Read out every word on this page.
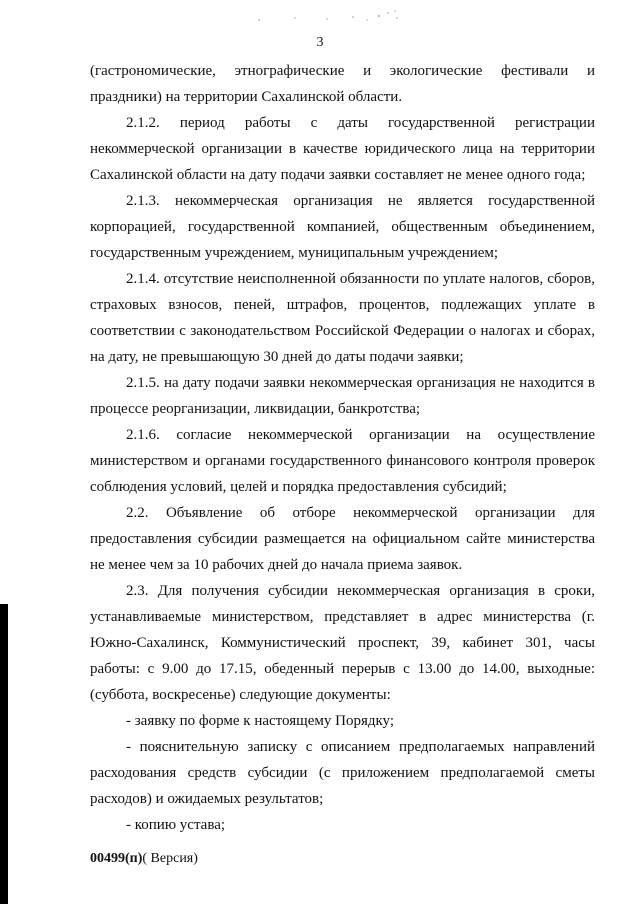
3

(гастрономические, этнографические и экологические фестивали и праздники) на территории Сахалинской области.

2.1.2. период работы с даты государственной регистрации некоммерческой организации в качестве юридического лица на территории Сахалинской области на дату подачи заявки составляет не менее одного года;

2.1.3. некоммерческая организация не является государственной корпорацией, государственной компанией, общественным объединением, государственным учреждением, муниципальным учреждением;

2.1.4. отсутствие неисполненной обязанности по уплате налогов, сборов, страховых взносов, пеней, штрафов, процентов, подлежащих уплате в соответствии с законодательством Российской Федерации о налогах и сборах, на дату, не превышающую 30 дней до даты подачи заявки;

2.1.5. на дату подачи заявки некоммерческая организация не находится в процессе реорганизации, ликвидации, банкротства;

2.1.6. согласие некоммерческой организации на осуществление министерством и органами государственного финансового контроля проверок соблюдения условий, целей и порядка предоставления субсидий;

2.2. Объявление об отборе некоммерческой организации для предоставления субсидии размещается на официальном сайте министерства не менее чем за 10 рабочих дней до начала приема заявок.

2.3. Для получения субсидии некоммерческая организация в сроки, устанавливаемые министерством, представляет в адрес министерства (г. Южно-Сахалинск, Коммунистический проспект, 39, кабинет 301, часы работы: с 9.00 до 17.15, обеденный перерыв с 13.00 до 14.00, выходные: (суббота, воскресенье) следующие документы:

- заявку по форме к настоящему Порядку;

- пояснительную записку с описанием предполагаемых направлений расходования средств субсидии (с приложением предполагаемой сметы расходов) и ожидаемых результатов;

- копию устава;

00499(п)( Версия)
